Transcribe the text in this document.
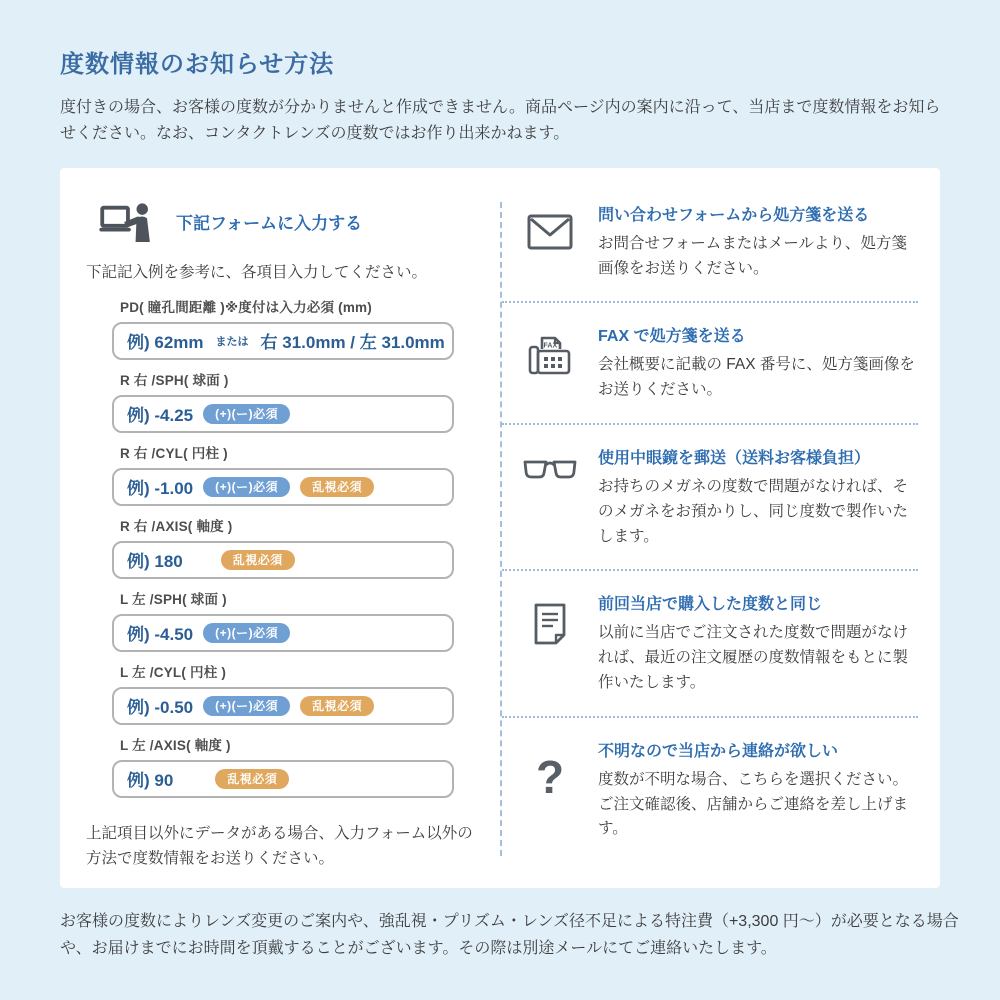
度数情報のお知らせ方法

度付きの場合、お客様の度数が分かりませんと作成できません。商品ページ内の案内に沿って、当店まで度数情報をお知らせください。なお、コンタクトレンズの度数ではお作り出来かねます。

下記フォームに入力する
下記記入例を参考に、各項目入力してください。
PD( 瞳孔間距離 )※度付は入力必須 (mm)
例) 62mm または 右 31.0mm / 左 31.0mm
R 右 /SPH( 球面 )
例) -4.25	(+)(ー)必須
R 右 /CYL( 円柱 )
例) -1.00	(+)(ー)必須	乱視必須
R 右 /AXIS( 軸度 )
例) 180	乱視必須
L 左 /SPH( 球面 )
例) -4.50	(+)(ー)必須
L 左 /CYL( 円柱 )
例) -0.50	(+)(ー)必須	乱視必須
L 左 /AXIS( 軸度 )
例) 90	乱視必須
上記項目以外にデータがある場合、入力フォーム以外の方法で度数情報をお送りください。
問い合わせフォームから処方箋を送る
お問合せフォームまたはメールより、処方箋画像をお送りください。
FAX
FAX で処方箋を送る
会社概要に記載の FAX 番号に、処方箋画像をお送りください。
使用中眼鏡を郵送（送料お客様負担）
お持ちのメガネの度数で問題がなければ、そのメガネをお預かりし、同じ度数で製作いたします。
前回当店で購入した度数と同じ
以前に当店でご注文された度数で問題がなければ、最近の注文履歴の度数情報をもとに製作いたします。
? 不明なので当店から連絡が欲しい
度数が不明な場合、こちらを選択ください。ご注文確認後、店舗からご連絡を差し上げます。

お客様の度数によりレンズ変更のご案内や、強乱視・プリズム・レンズ径不足による特注費（+3,300 円〜）が必要となる場合や、お届けまでにお時間を頂戴することがございます。その際は別途メールにてご連絡いたします。
